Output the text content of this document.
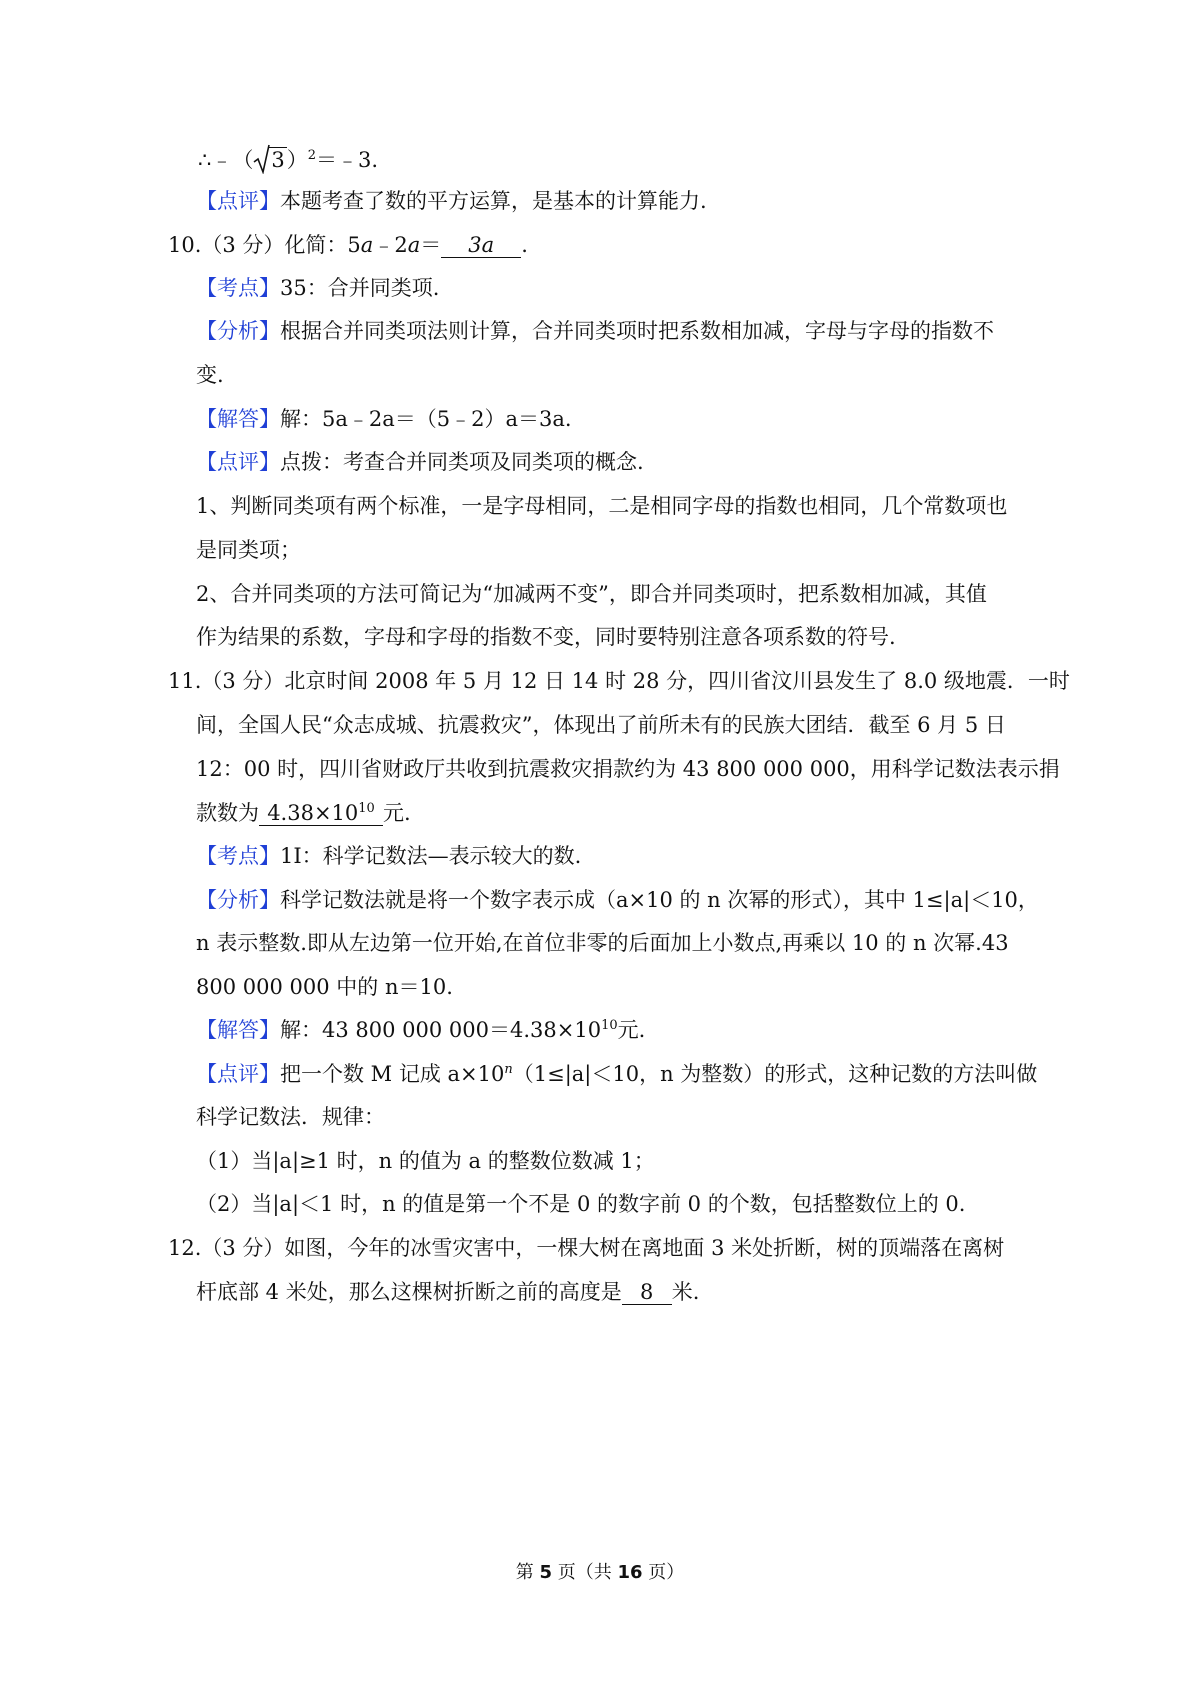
∴﹣（ 3）$^2$＝﹣3.
【点评】本题考查了数的平方运算，是基本的计算能力.
10.（3 分）化简：5a﹣2a＝ 3a .
【考点】35：合并同类项.
【分析】根据合并同类项法则计算，合并同类项时把系数相加减，字母与字母的指数不
变.
【解答】解：5a﹣2a＝（5﹣2）a＝3a.
【点评】点拨：考查合并同类项及同类项的概念.
1、判断同类项有两个标准，一是字母相同，二是相同字母的指数也相同，几个常数项也
是同类项；
2、合并同类项的方法可简记为“加减两不变”，即合并同类项时，把系数相加减，其值
作为结果的系数，字母和字母的指数不变，同时要特别注意各项系数的符号.
11.（3 分）北京时间 2008 年 5 月 12 日 14 时 28 分，四川省汶川县发生了 8.0 级地震．一时
间，全国人民“众志成城、抗震救灾”，体现出了前所未有的民族大团结．截至 6 月 5 日
12：00 时，四川省财政厅共收到抗震救灾捐款约为 43 800 000 000，用科学记数法表示捐
款数为 $4.38\times 10^{10}$ 元.
【考点】1I：科学记数法—表示较大的数.
【分析】科学记数法就是将一个数字表示成（a×10 的 n 次幂的形式），其中 1≤|a|＜10，
n 表示整数.即从左边第一位开始,在首位非零的后面加上小数点,再乘以 10 的 n 次幂.43
800 000 000 中的 n＝10.
【解答】解：43 800 000 $000=4.38\times 10^{10}$元.
【点评】把一个数 M 记成 $a\times 10^n(1\le|a|<10$，n 为整数）的形式，这种记数的方法叫做
科学记数法．规律：
（1）当|a|≥1 时，n 的值为 a 的整数位数减 1；
（2）当|a|＜1 时，n 的值是第一个不是 0 的数字前 0 的个数，包括整数位上的 0.
12.（3 分）如图，今年的冰雪灾害中，一棵大树在离地面 3 米处折断，树的顶端落在离树
杆底部 4 米处，那么这棵树折断之前的高度是 8 米.
第 5 页（共 16 页）
